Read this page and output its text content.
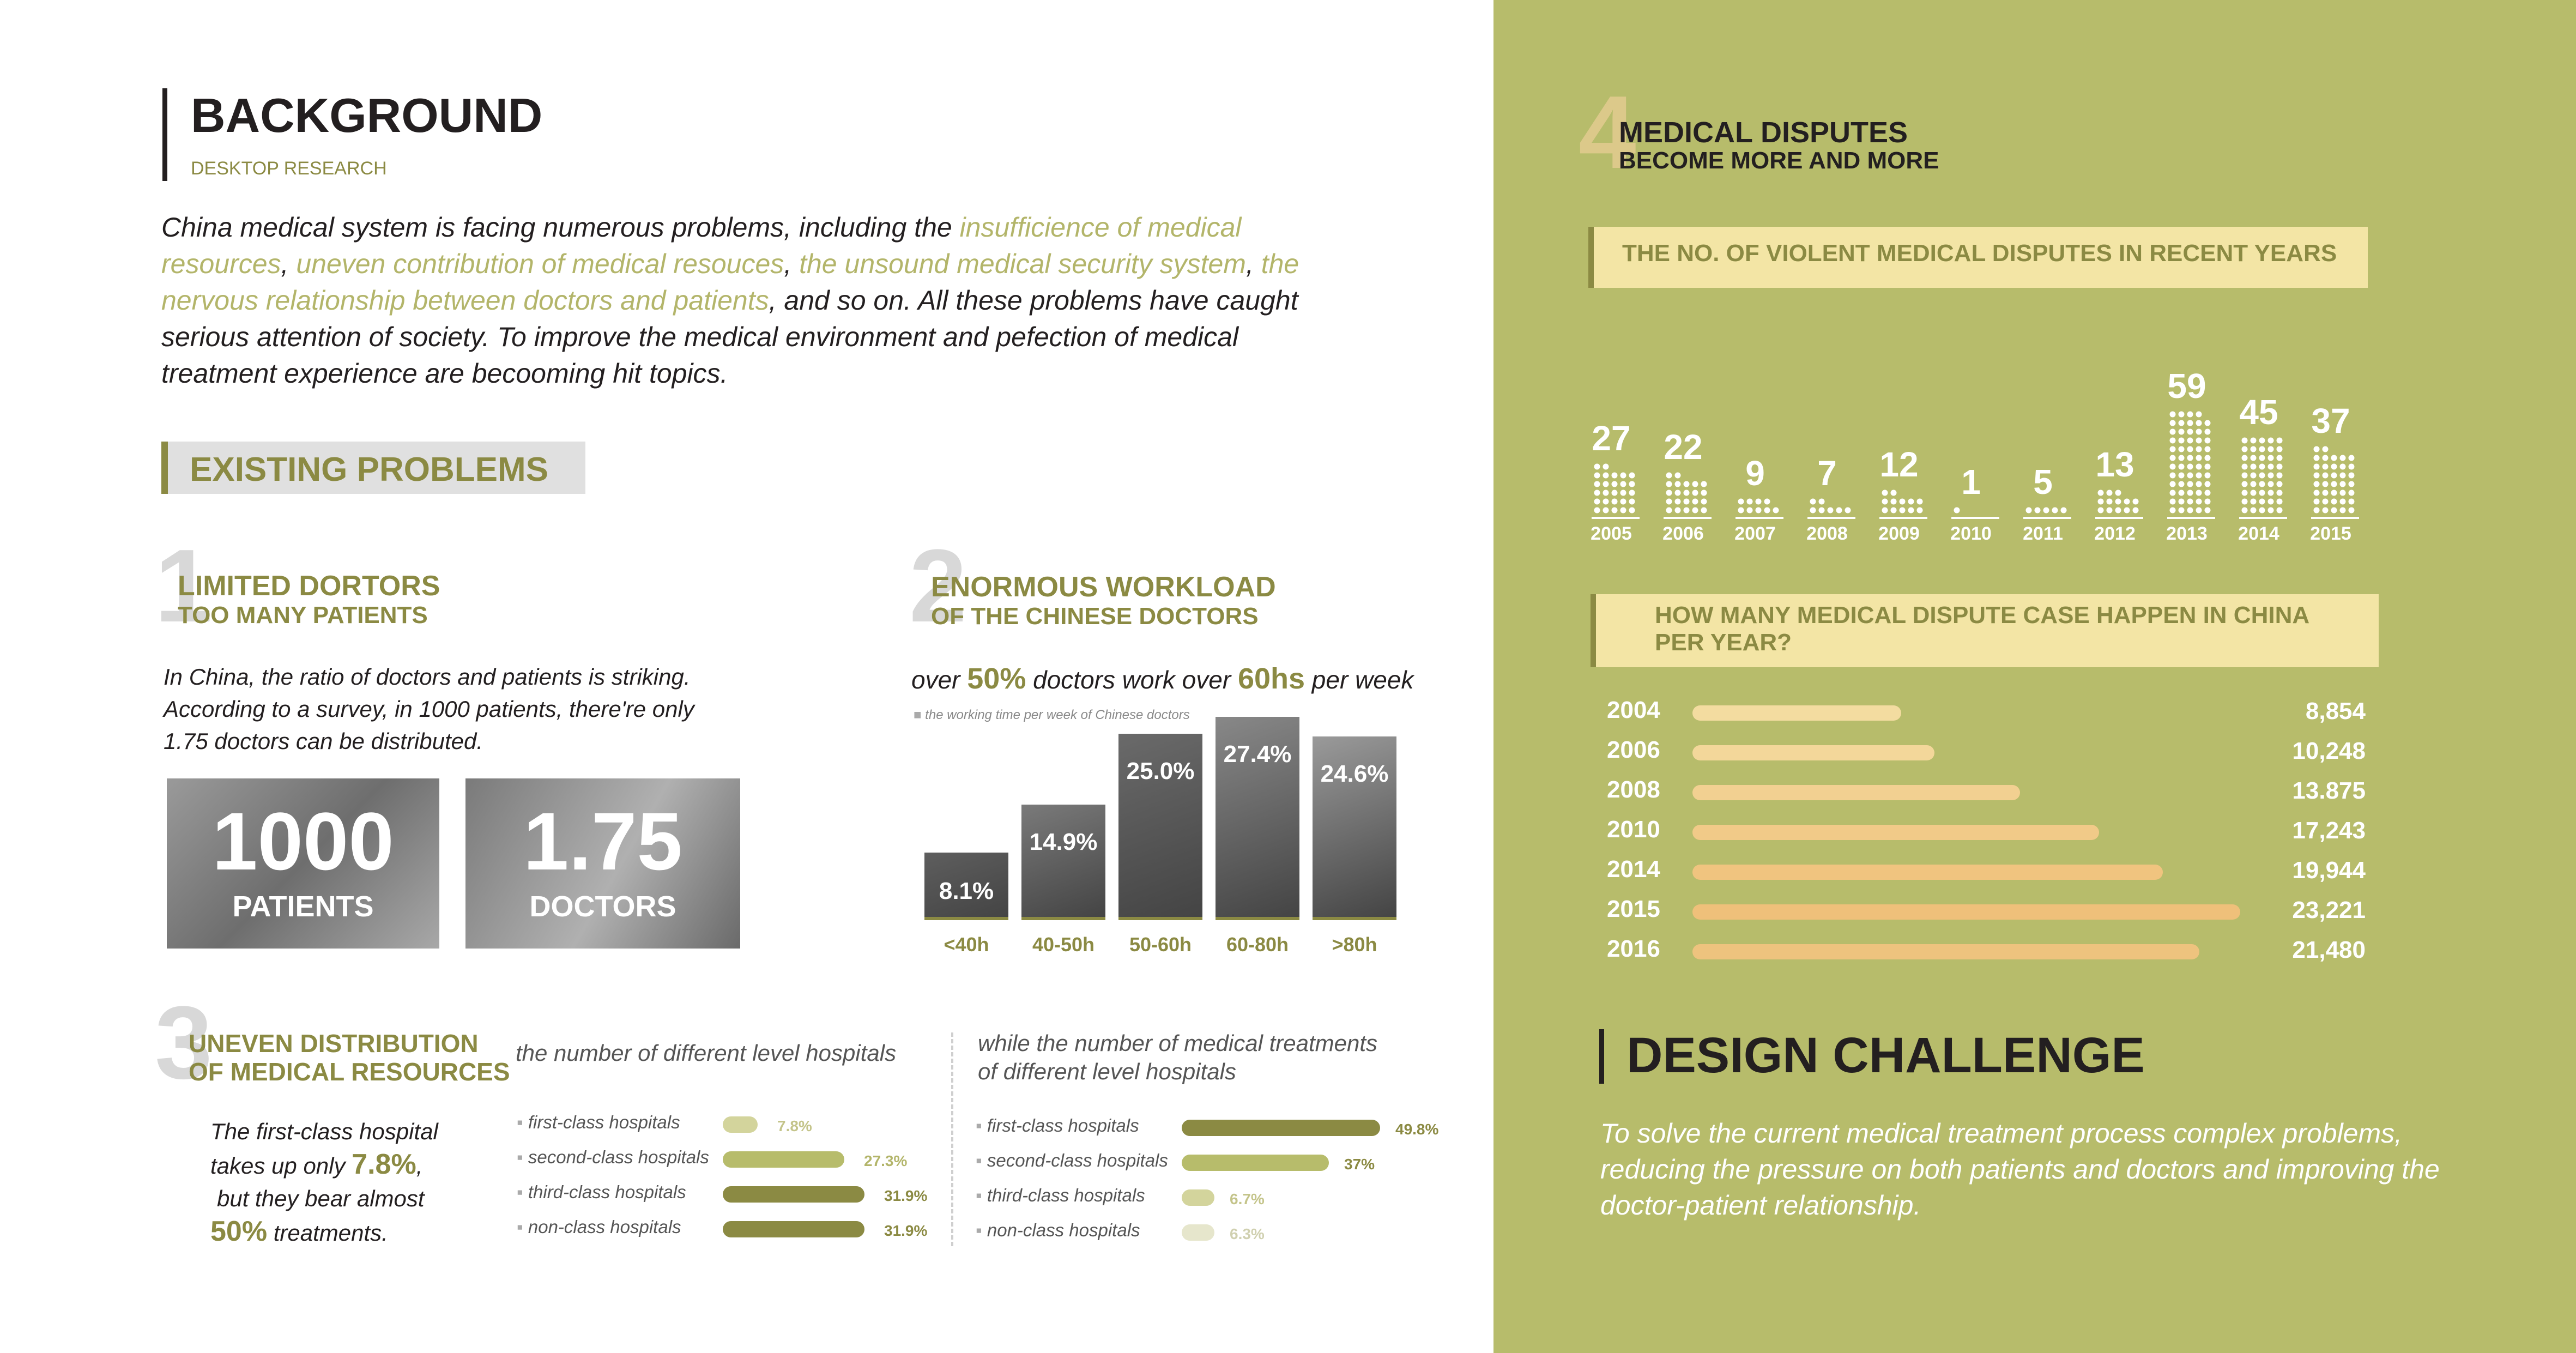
BACKGROUND
DESKTOP RESEARCH
China medical system is facing numerous problems, including the insufficience of medical resources, uneven contribution of medical resouces, the unsound medical security system, the nervous relationship between doctors and patients, and so on. All these problems have caught serious attention of society. To improve the medical environment and pefection of medical treatment experience are becooming hit topics.
EXISTING PROBLEMS
1
LIMITED DORTORS
TOO MANY PATIENTS
In China, the ratio of doctors and patients is striking. According to a survey, in 1000 patients, there're only 1.75 doctors can be distributed.
1000
PATIENTS
1.75
DOCTORS
2
ENORMOUS WORKLOAD
OF THE CHINESE DOCTORS
over 50% doctors work over 60hs per week
■ the working time per week of Chinese doctors
8.1%
<40h
14.9%
40-50h
25.0%
50-60h
27.4%
60-80h
24.6%
>80h
3
UNEVEN DISTRIBUTION
OF MEDICAL RESOURCES
The first-class hospital
takes up only 7.8%,
but they bear almost
50% treatments.
the number of different level hospitals
▪ first-class hospitals	7.8%
▪ second-class hospitals	27.3%
▪ third-class hospitals	31.9%
▪ non-class hospitals	31.9%
while the number of medical treatments
of different level hospitals
▪ first-class hospitals	49.8%
▪ second-class hospitals	37%
▪ third-class hospitals	6.7%
▪ non-class hospitals	6.3%
4
MEDICAL DISPUTES
BECOME MORE AND MORE
THE NO. OF VIOLENT MEDICAL DISPUTES IN RECENT YEARS
27
2005
22
2006
9
2007
7
2008
12
2009
1
2010
5
2011
13
2012
59
2013
45
2014
37
2015
HOW MANY MEDICAL DISPUTE CASE HAPPEN IN CHINA
PER YEAR?
2004	8,854
2006	10,248
2008	13.875
2010	17,243
2014	19,944
2015	23,221
2016	21,480
DESIGN CHALLENGE
To solve the current medical treatment process complex problems, reducing the pressure on both patients and doctors and improving the doctor-patient relationship.
